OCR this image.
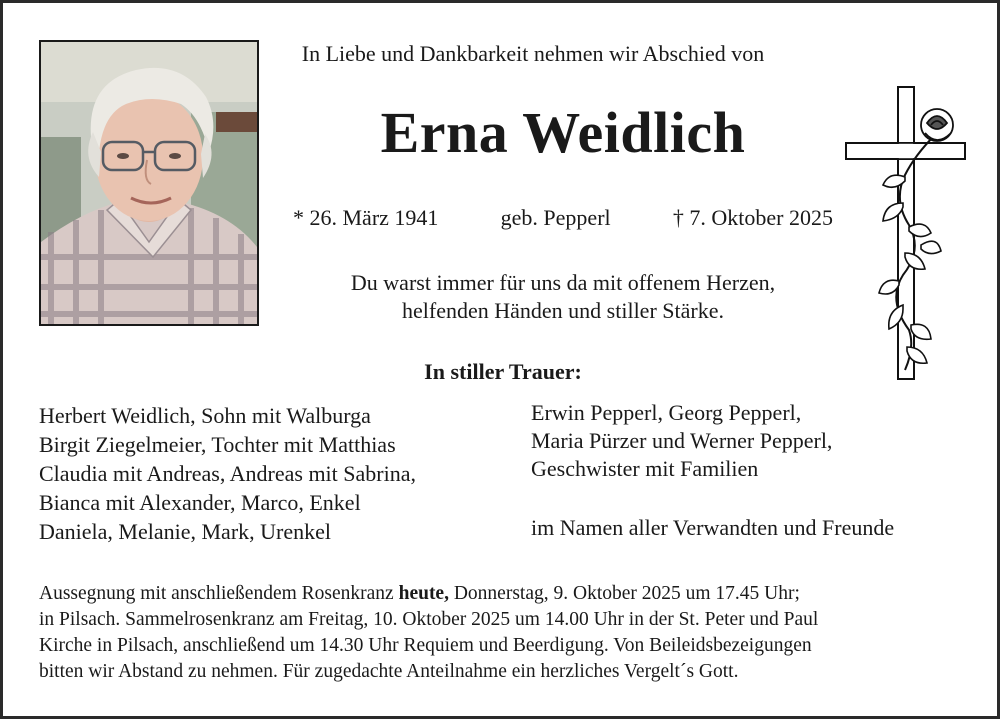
In Liebe und Dankbarkeit nehmen wir Abschied von
Erna Weidlich
* 26. März 1941	geb. Pepperl	† 7. Oktober 2025
Du warst immer für uns da mit offenem Herzen,
helfenden Händen und stiller Stärke.
In stiller Trauer:
Herbert Weidlich, Sohn mit Walburga
Birgit Ziegelmeier, Tochter mit Matthias
Claudia mit Andreas, Andreas mit Sabrina,
Bianca mit Alexander, Marco, Enkel
Daniela, Melanie, Mark, Urenkel
Erwin Pepperl, Georg Pepperl,
Maria Pürzer und Werner Pepperl,
Geschwister mit Familien
im Namen aller Verwandten und Freunde
Aussegnung mit anschließendem Rosenkranz heute, Donnerstag, 9. Oktober 2025 um 17.45 Uhr;
in Pilsach. Sammelrosenkranz am Freitag, 10. Oktober 2025 um 14.00 Uhr in der St. Peter und Paul
Kirche in Pilsach, anschließend um 14.30 Uhr Requiem und Beerdigung. Von Beileidsbezeigungen
bitten wir Abstand zu nehmen. Für zugedachte Anteilnahme ein herzliches Vergelt´s Gott.
